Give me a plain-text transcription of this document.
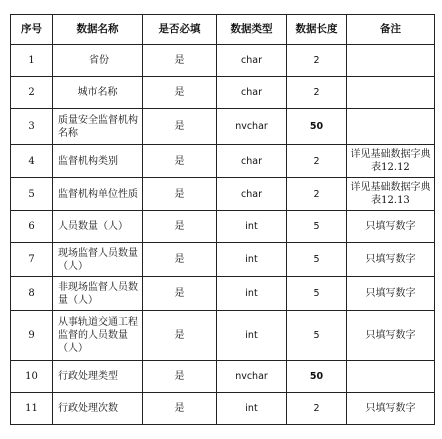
序号	数据名称	是否必填	数据类型	数据长度	备注
1	省份	是	char	2	
2	城市名称	是	char	2	
3	质量安全监督机构名称	是	nvchar	50	
4	监督机构类别	是	char	2	详见基础数据字典表12.12
5	监督机构单位性质	是	char	2	详见基础数据字典表12.13
6	人员数量（人）	是	int	5	只填写数字
7	现场监督人员数量（人）	是	int	5	只填写数字
8	非现场监督人员数量（人）	是	int	5	只填写数字
9	从事轨道交通工程监督的人员数量（人）	是	int	5	只填写数字
10	行政处理类型	是	nvchar	50	
11	行政处理次数	是	int	2	只填写数字
